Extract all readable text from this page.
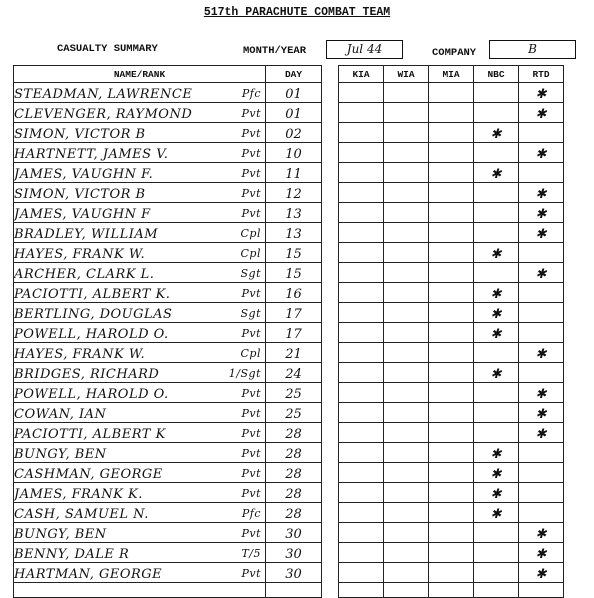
517th PARACHUTE COMBAT TEAM
CASUALTY SUMMARY	MONTH/YEAR	Jul 44	COMPANY	B
NAME/RANK	DAY		KIA	WIA	MIA	NBC	RTD
STEADMAN, LAWRENCE Pfc	01						✱
CLEVENGER, RAYMOND Pvt	01						✱
SIMON, VICTOR B Pvt	02					✱	
HARTNETT, JAMES V. Pvt	10						✱
JAMES, VAUGHN F. Pvt	11					✱	
SIMON, VICTOR B Pvt	12						✱
JAMES, VAUGHN F Pvt	13						✱
BRADLEY, WILLIAM Cpl	13						✱
HAYES, FRANK W. Cpl	15					✱	
ARCHER, CLARK L. Sgt	15						✱
PACIOTTI, ALBERT K. Pvt	16					✱	
BERTLING, DOUGLAS Sgt	17					✱	
POWELL, HAROLD O. Pvt	17					✱	
HAYES, FRANK W. Cpl	21						✱
BRIDGES, RICHARD 1/Sgt	24					✱	
POWELL, HAROLD O. Pvt	25						✱
COWAN, IAN Pvt	25						✱
PACIOTTI, ALBERT K Pvt	28						✱
BUNGY, BEN Pvt	28					✱	
CASHMAN, GEORGE Pvt	28					✱	
JAMES, FRANK K. Pvt	28					✱	
CASH, SAMUEL N. Pfc	28					✱	
BUNGY, BEN Pvt	30						✱
BENNY, DALE R T/5	30						✱
HARTMAN, GEORGE Pvt	30						✱
